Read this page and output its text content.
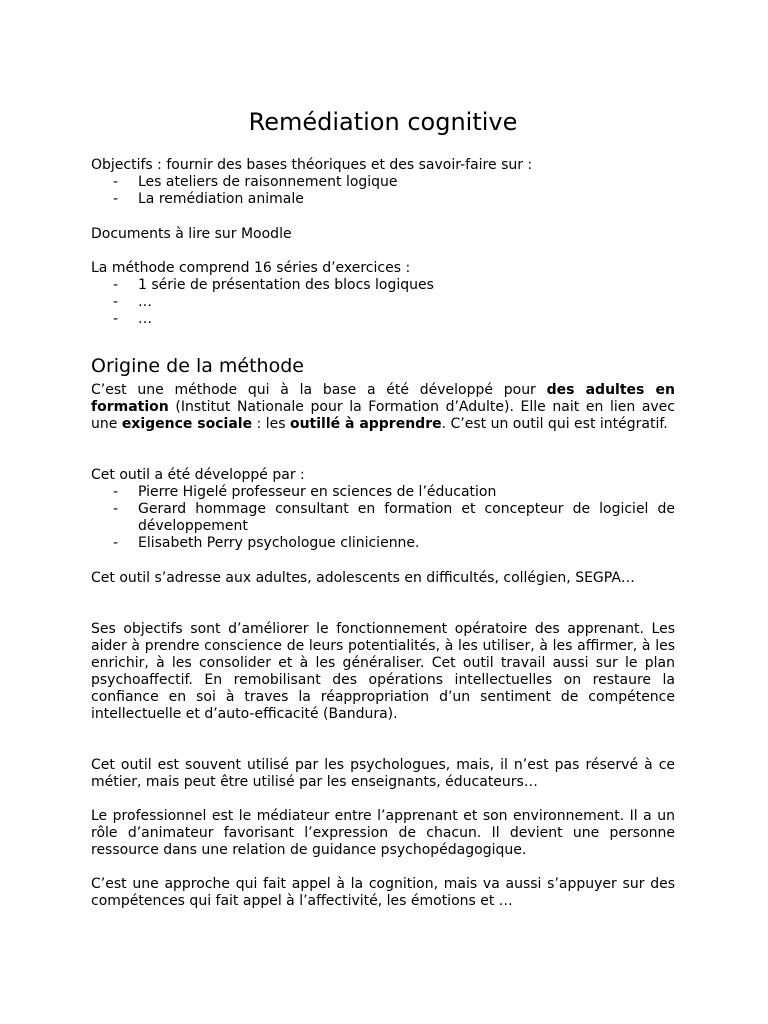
Remédiation cognitive
Objectifs : fournir des bases théoriques et des savoir-faire sur :
- Les ateliers de raisonnement logique
- La remédiation animale
Documents à lire sur Moodle
La méthode comprend 16 séries d’exercices :
- 1 série de présentation des blocs logiques
- …
- …
Origine de la méthode

C’est une méthode qui à la base a été développé pour des adultes en formation (Institut Nationale pour la Formation d’Adulte). Elle nait en lien avec une exigence sociale : les outillé à apprendre. C’est un outil qui est intégratif.

Cet outil a été développé par :
- Pierre Higelé professeur en sciences de l’éducation
- Gerard hommage consultant en formation et concepteur de logiciel de développement
- Elisabeth Perry psychologue clinicienne.

Cet outil s’adresse aux adultes, adolescents en difficultés, collégien, SEGPA…

Ses objectifs sont d’améliorer le fonctionnement opératoire des apprenant. Les aider à prendre conscience de leurs potentialités, à les utiliser, à les affirmer, à les enrichir, à les consolider et à les généraliser. Cet outil travail aussi sur le plan psychoaffectif. En remobilisant des opérations intellectuelles on restaure la confiance en soi à traves la réappropriation d’un sentiment de compétence intellectuelle et d’auto-efficacité (Bandura).

Cet outil est souvent utilisé par les psychologues, mais, il n’est pas réservé à ce métier, mais peut être utilisé par les enseignants, éducateurs…

Le professionnel est le médiateur entre l’apprenant et son environnement. Il a un rôle d’animateur favorisant l’expression de chacun. Il devient une personne ressource dans une relation de guidance psychopédagogique.

C’est une approche qui fait appel à la cognition, mais va aussi s’appuyer sur des compétences qui fait appel à l’affectivité, les émotions et …
